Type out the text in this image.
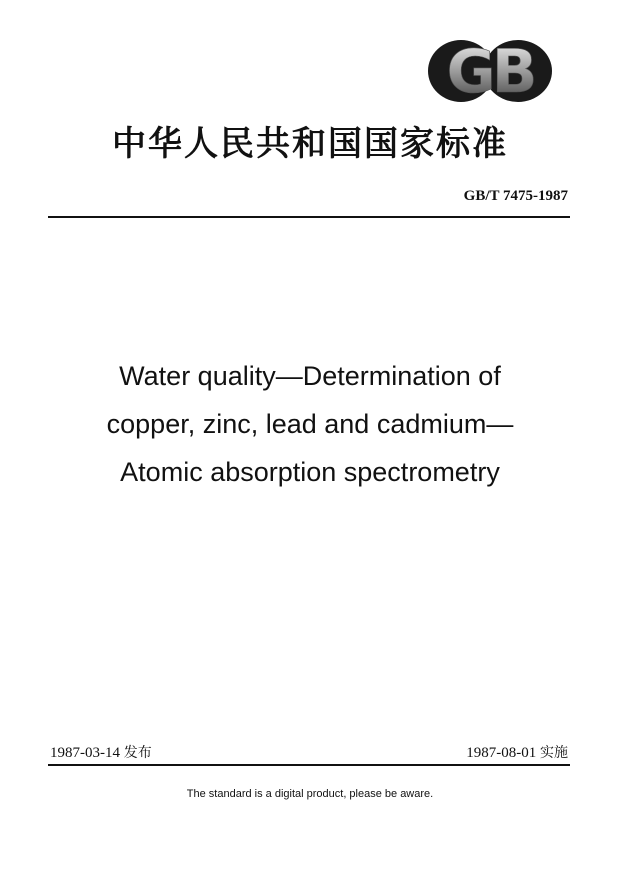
GB
中华人民共和国国家标准
GB/T 7475-1987
Water quality—Determination of
copper, zinc, lead and cadmium—
Atomic absorption spectrometry
1987-03-14 发布	1987-08-01 实施
The standard is a digital product, please be aware.
